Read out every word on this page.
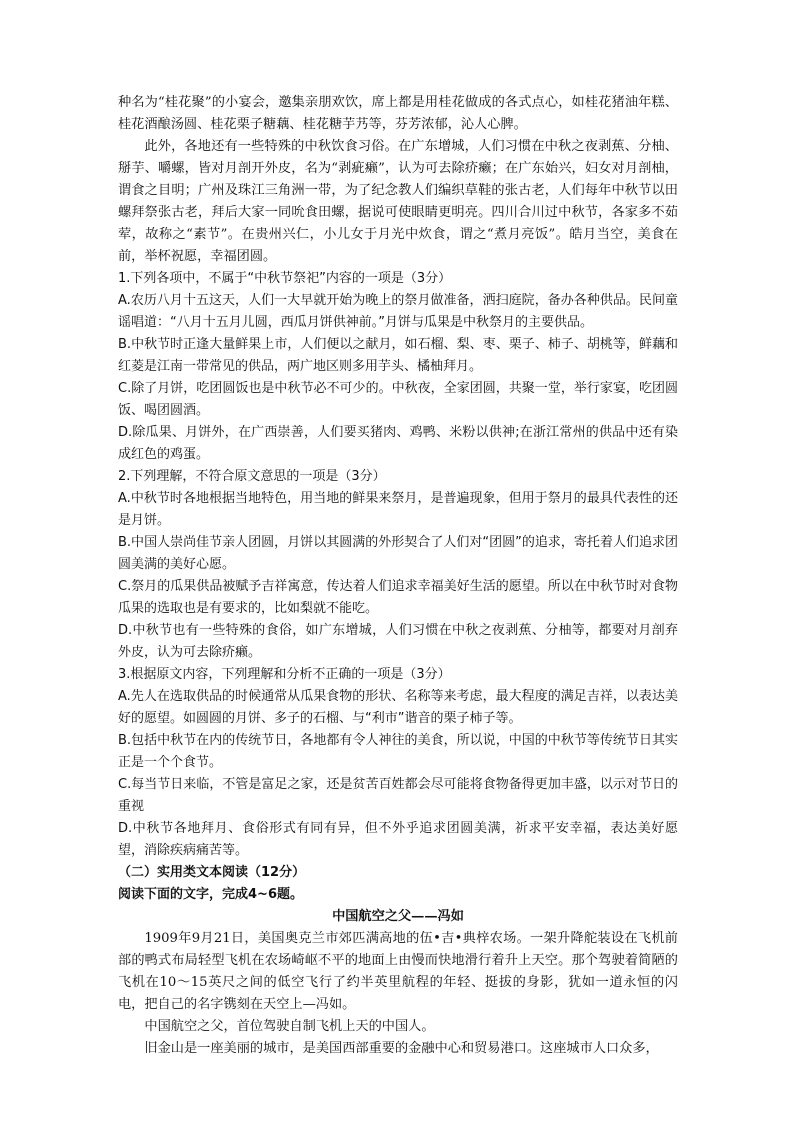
种名为“桂花聚”的小宴会，邀集亲朋欢饮，席上都是用桂花做成的各式点心，如桂花猪油年糕、桂花酒酿汤圆、桂花栗子糖藕、桂花糖芋艿等，芬芳浓郁，沁人心脾。

此外，各地还有一些特殊的中秋饮食习俗。在广东增城，人们习惯在中秋之夜剥蕉、分柚、掰芋、嚼螺，皆对月剖开外皮，名为“剥疵癞”，认为可去除疥癞；在广东始兴，妇女对月剖柚，谓食之目明；广州及珠江三角洲一带，为了纪念教人们编织草鞋的张古老，人们每年中秋节以田螺拜祭张古老，拜后大家一同吮食田螺，据说可使眼睛更明亮。四川合川过中秋节，各家多不茹荤，故称之“素节”。在贵州兴仁，小儿女于月光中炊食，谓之“煮月亮饭”。皓月当空，美食在前，举杯祝愿，幸福团圆。

1.下列各项中，不属于“中秋节祭祀”内容的一项是（3分）

A.农历八月十五这天，人们一大早就开始为晚上的祭月做准备，洒扫庭院，备办各种供品。民间童谣唱道：“八月十五月儿圆，西瓜月饼供神前。”月饼与瓜果是中秋祭月的主要供品。

B.中秋节时正逢大量鲜果上市，人们便以之献月，如石榴、梨、枣、栗子、柿子、胡桃等，鲜藕和红菱是江南一带常见的供品，两广地区则多用芋头、橘柚拜月。

C.除了月饼，吃团圆饭也是中秋节必不可少的。中秋夜，全家团圆，共聚一堂，举行家宴，吃团圆饭、喝团圆酒。

D.除瓜果、月饼外，在广西崇善，人们要买猪肉、鸡鸭、米粉以供神;在浙江常州的供品中还有染成红色的鸡蛋。

2.下列理解，不符合原文意思的一项是（3分）

A.中秋节时各地根据当地特色，用当地的鲜果来祭月，是普遍现象，但用于祭月的最具代表性的还是月饼。

B.中国人崇尚佳节亲人团圆，月饼以其圆满的外形契合了人们对“团圆”的追求，寄托着人们追求团圆美满的美好心愿。

C.祭月的瓜果供品被赋予吉祥寓意，传达着人们追求幸福美好生活的愿望。所以在中秋节时对食物瓜果的选取也是有要求的，比如梨就不能吃。

D.中秋节也有一些特殊的食俗，如广东增城，人们习惯在中秋之夜剥蕉、分柚等，都要对月剖弃外皮，认为可去除疥癞。

3.根据原文内容，下列理解和分析不正确的一项是（3分）

A.先人在选取供品的时候通常从瓜果食物的形状、名称等来考虑，最大程度的满足吉祥，以表达美好的愿望。如圆圆的月饼、多子的石榴、与“利市”谐音的栗子柿子等。

B.包括中秋节在内的传统节日，各地都有令人神往的美食，所以说，中国的中秋节等传统节日其实正是一个个食节。

C.每当节日来临，不管是富足之家，还是贫苦百姓都会尽可能将食物备得更加丰盛，以示对节日的重视

D.中秋节各地拜月、食俗形式有同有异，但不外乎追求团圆美满，祈求平安幸福，表达美好愿望，消除疾病痛苦等。

（二）实用类文本阅读（12分）

阅读下面的文字，完成4~6题。

中国航空之父——冯如

1909年9月21日，美国奥克兰市郊匹满高地的伍•吉•典梓农场。一架升降舵装设在飞机前部的鸭式布局轻型飞机在农场崎岖不平的地面上由慢而快地滑行着升上天空。那个驾驶着简陋的飞机在10～15英尺之间的低空飞行了约半英里航程的年轻、挺拔的身影，犹如一道永恒的闪电，把自己的名字镌刻在天空上—冯如。

中国航空之父，首位驾驶自制飞机上天的中国人。

旧金山是一座美丽的城市，是美国西部重要的金融中心和贸易港口。这座城市人口众多，
